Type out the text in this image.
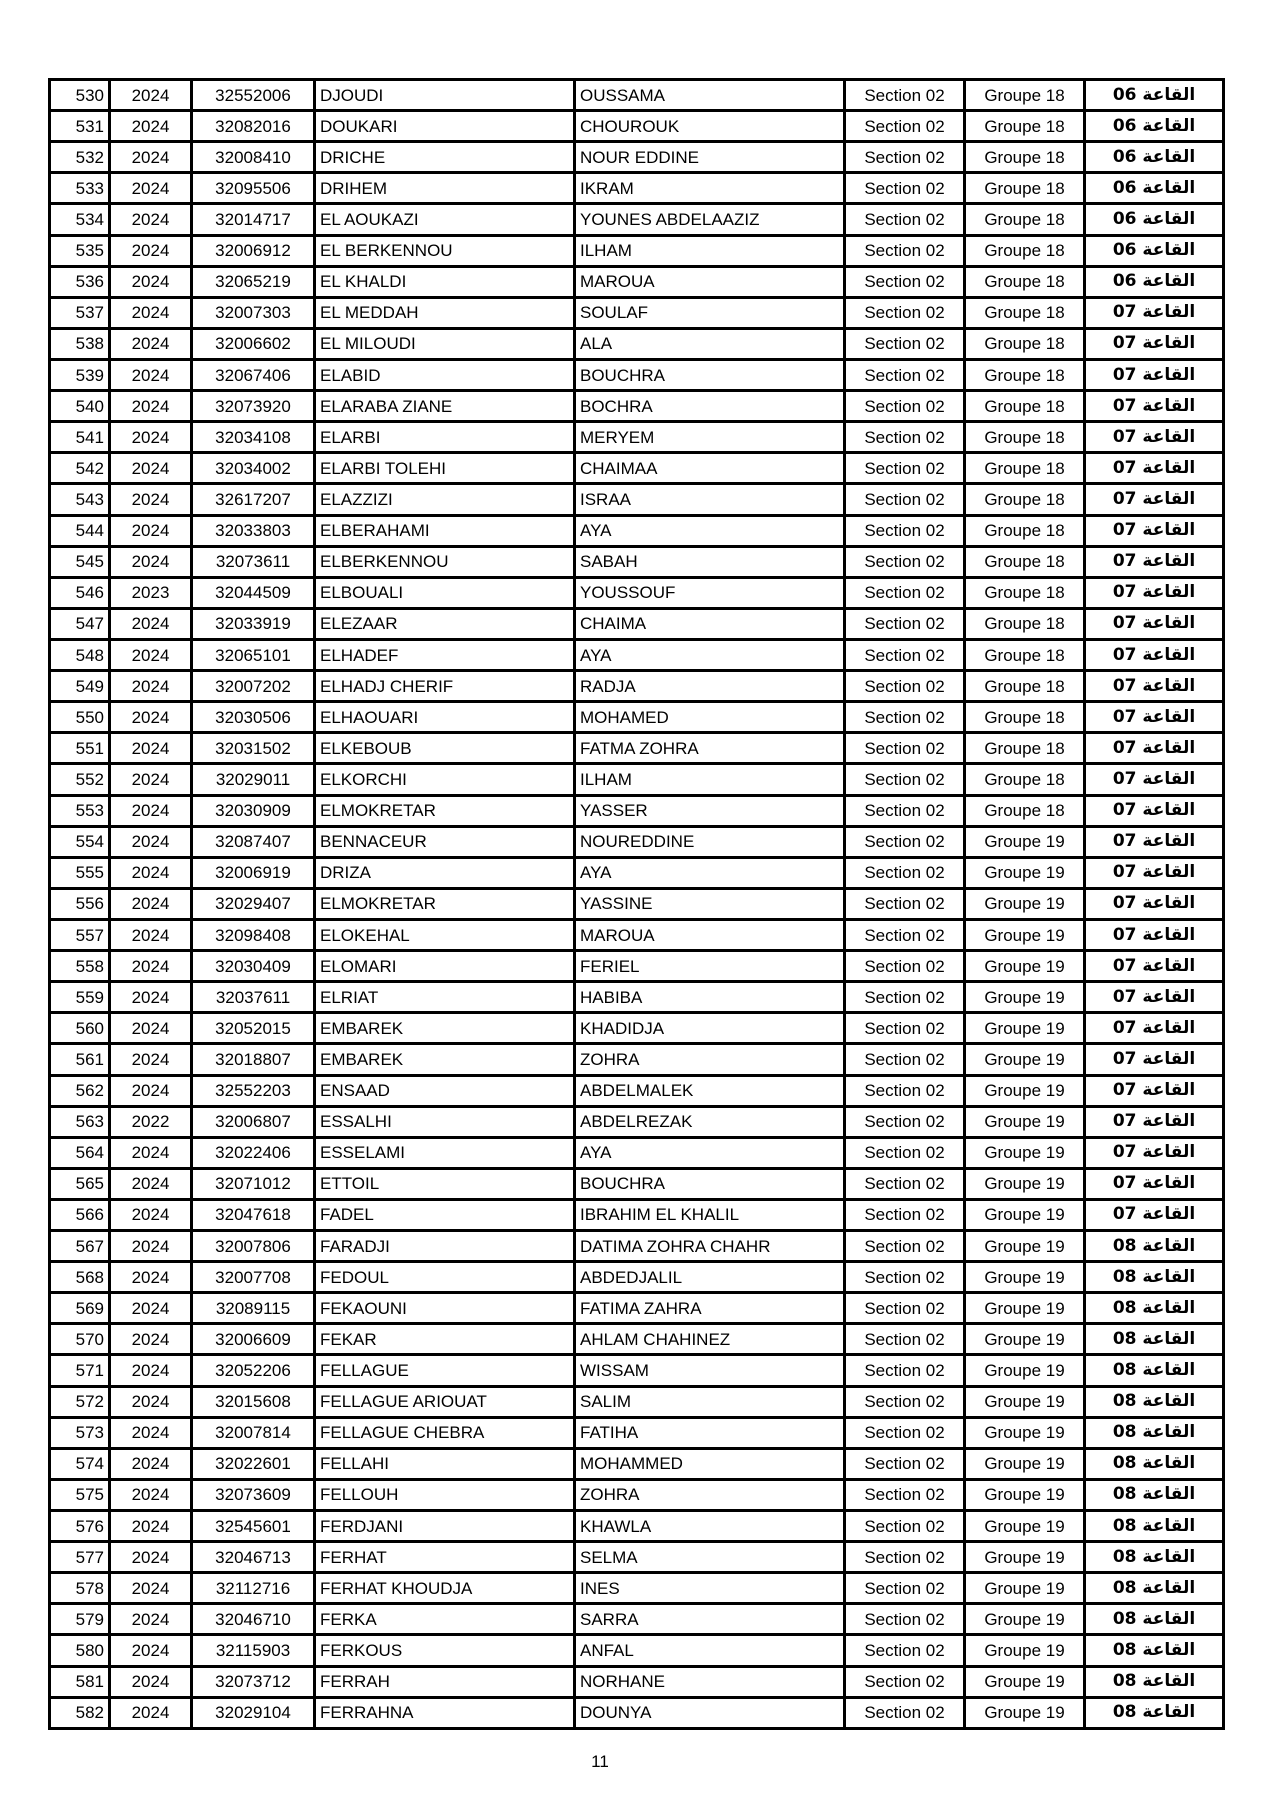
530	2024	32552006	DJOUDI	OUSSAMA	Section 02	Groupe 18	القاعة 06
531	2024	32082016	DOUKARI	CHOUROUK	Section 02	Groupe 18	القاعة 06
532	2024	32008410	DRICHE	NOUR EDDINE	Section 02	Groupe 18	القاعة 06
533	2024	32095506	DRIHEM	IKRAM	Section 02	Groupe 18	القاعة 06
534	2024	32014717	EL AOUKAZI	YOUNES ABDELAAZIZ	Section 02	Groupe 18	القاعة 06
535	2024	32006912	EL BERKENNOU	ILHAM	Section 02	Groupe 18	القاعة 06
536	2024	32065219	EL KHALDI	MAROUA	Section 02	Groupe 18	القاعة 06
537	2024	32007303	EL MEDDAH	SOULAF	Section 02	Groupe 18	القاعة 07
538	2024	32006602	EL MILOUDI	ALA	Section 02	Groupe 18	القاعة 07
539	2024	32067406	ELABID	BOUCHRA	Section 02	Groupe 18	القاعة 07
540	2024	32073920	ELARABA ZIANE	BOCHRA	Section 02	Groupe 18	القاعة 07
541	2024	32034108	ELARBI	MERYEM	Section 02	Groupe 18	القاعة 07
542	2024	32034002	ELARBI TOLEHI	CHAIMAA	Section 02	Groupe 18	القاعة 07
543	2024	32617207	ELAZZIZI	ISRAA	Section 02	Groupe 18	القاعة 07
544	2024	32033803	ELBERAHAMI	AYA	Section 02	Groupe 18	القاعة 07
545	2024	32073611	ELBERKENNOU	SABAH	Section 02	Groupe 18	القاعة 07
546	2023	32044509	ELBOUALI	YOUSSOUF	Section 02	Groupe 18	القاعة 07
547	2024	32033919	ELEZAAR	CHAIMA	Section 02	Groupe 18	القاعة 07
548	2024	32065101	ELHADEF	AYA	Section 02	Groupe 18	القاعة 07
549	2024	32007202	ELHADJ CHERIF	RADJA	Section 02	Groupe 18	القاعة 07
550	2024	32030506	ELHAOUARI	MOHAMED	Section 02	Groupe 18	القاعة 07
551	2024	32031502	ELKEBOUB	FATMA ZOHRA	Section 02	Groupe 18	القاعة 07
552	2024	32029011	ELKORCHI	ILHAM	Section 02	Groupe 18	القاعة 07
553	2024	32030909	ELMOKRETAR	YASSER	Section 02	Groupe 18	القاعة 07
554	2024	32087407	BENNACEUR	NOUREDDINE	Section 02	Groupe 19	القاعة 07
555	2024	32006919	DRIZA	AYA	Section 02	Groupe 19	القاعة 07
556	2024	32029407	ELMOKRETAR	YASSINE	Section 02	Groupe 19	القاعة 07
557	2024	32098408	ELOKEHAL	MAROUA	Section 02	Groupe 19	القاعة 07
558	2024	32030409	ELOMARI	FERIEL	Section 02	Groupe 19	القاعة 07
559	2024	32037611	ELRIAT	HABIBA	Section 02	Groupe 19	القاعة 07
560	2024	32052015	EMBAREK	KHADIDJA	Section 02	Groupe 19	القاعة 07
561	2024	32018807	EMBAREK	ZOHRA	Section 02	Groupe 19	القاعة 07
562	2024	32552203	ENSAAD	ABDELMALEK	Section 02	Groupe 19	القاعة 07
563	2022	32006807	ESSALHI	ABDELREZAK	Section 02	Groupe 19	القاعة 07
564	2024	32022406	ESSELAMI	AYA	Section 02	Groupe 19	القاعة 07
565	2024	32071012	ETTOIL	BOUCHRA	Section 02	Groupe 19	القاعة 07
566	2024	32047618	FADEL	IBRAHIM EL KHALIL	Section 02	Groupe 19	القاعة 07
567	2024	32007806	FARADJI	DATIMA ZOHRA CHAHR	Section 02	Groupe 19	القاعة 08
568	2024	32007708	FEDOUL	ABDEDJALIL	Section 02	Groupe 19	القاعة 08
569	2024	32089115	FEKAOUNI	FATIMA ZAHRA	Section 02	Groupe 19	القاعة 08
570	2024	32006609	FEKAR	AHLAM CHAHINEZ	Section 02	Groupe 19	القاعة 08
571	2024	32052206	FELLAGUE	WISSAM	Section 02	Groupe 19	القاعة 08
572	2024	32015608	FELLAGUE ARIOUAT	SALIM	Section 02	Groupe 19	القاعة 08
573	2024	32007814	FELLAGUE CHEBRA	FATIHA	Section 02	Groupe 19	القاعة 08
574	2024	32022601	FELLAHI	MOHAMMED	Section 02	Groupe 19	القاعة 08
575	2024	32073609	FELLOUH	ZOHRA	Section 02	Groupe 19	القاعة 08
576	2024	32545601	FERDJANI	KHAWLA	Section 02	Groupe 19	القاعة 08
577	2024	32046713	FERHAT	SELMA	Section 02	Groupe 19	القاعة 08
578	2024	32112716	FERHAT KHOUDJA	INES	Section 02	Groupe 19	القاعة 08
579	2024	32046710	FERKA	SARRA	Section 02	Groupe 19	القاعة 08
580	2024	32115903	FERKOUS	ANFAL	Section 02	Groupe 19	القاعة 08
581	2024	32073712	FERRAH	NORHANE	Section 02	Groupe 19	القاعة 08
582	2024	32029104	FERRAHNA	DOUNYA	Section 02	Groupe 19	القاعة 08
11
